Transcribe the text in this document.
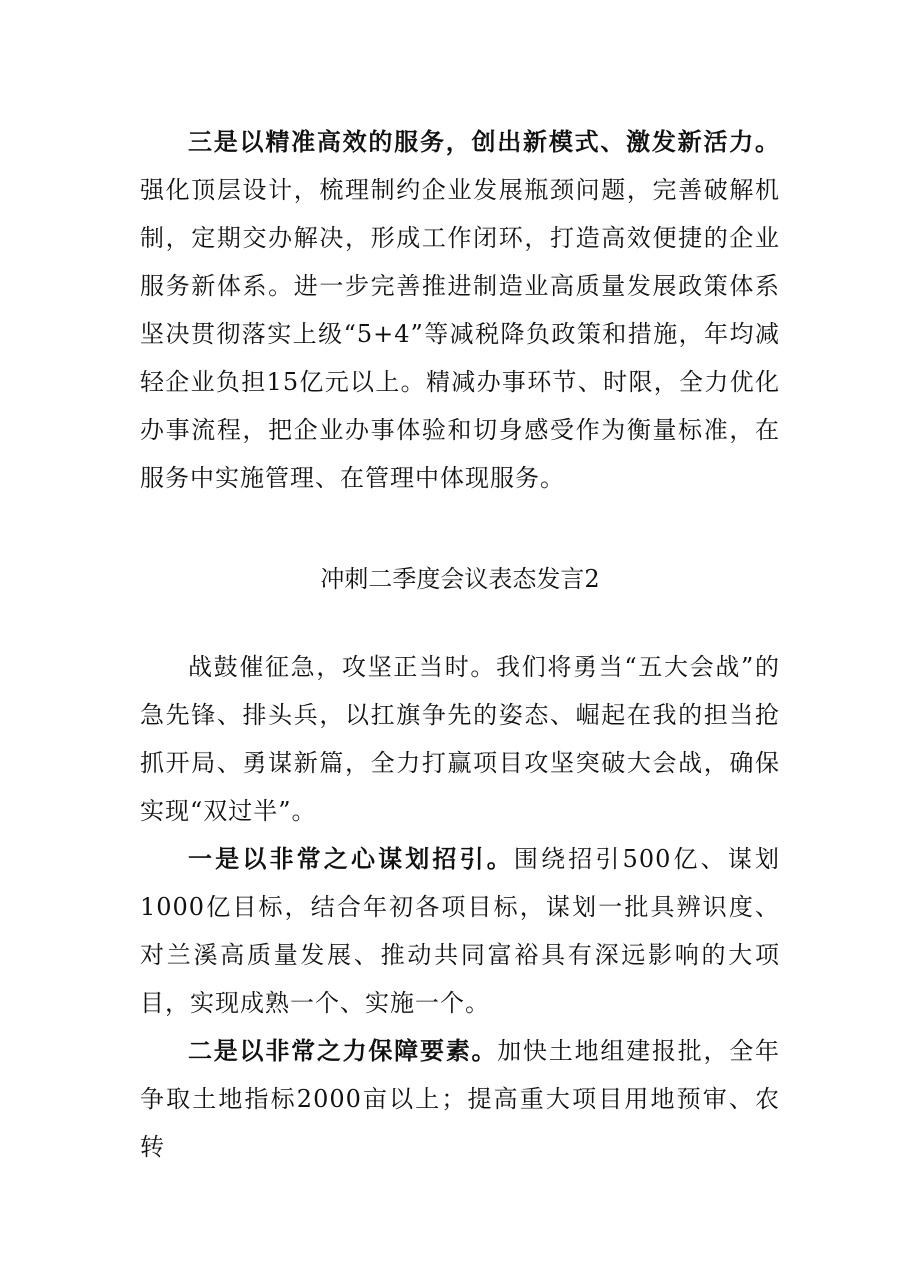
三是以精准高效的服务，创出新模式、激发新活力。强化顶层设计，梳理制约企业发展瓶颈问题，完善破解机制，定期交办解决，形成工作闭环，打造高效便捷的企业服务新体系。进一步完善推进制造业高质量发展政策体系坚决贯彻落实上级“5+4”等减税降负政策和措施，年均减轻企业负担15亿元以上。精减办事环节、时限，全力优化办事流程，把企业办事体验和切身感受作为衡量标准，在服务中实施管理、在管理中体现服务。

冲刺二季度会议表态发言2

战鼓催征急，攻坚正当时。我们将勇当“五大会战”的急先锋、排头兵，以扛旗争先的姿态、崛起在我的担当抢抓开局、勇谋新篇，全力打赢项目攻坚突破大会战，确保实现“双过半”。

一是以非常之心谋划招引。围绕招引500亿、谋划1000亿目标，结合年初各项目标，谋划一批具辨识度、对兰溪高质量发展、推动共同富裕具有深远影响的大项目，实现成熟一个、实施一个。

二是以非常之力保障要素。加快土地组建报批，全年争取土地指标2000亩以上；提高重大项目用地预审、农转
